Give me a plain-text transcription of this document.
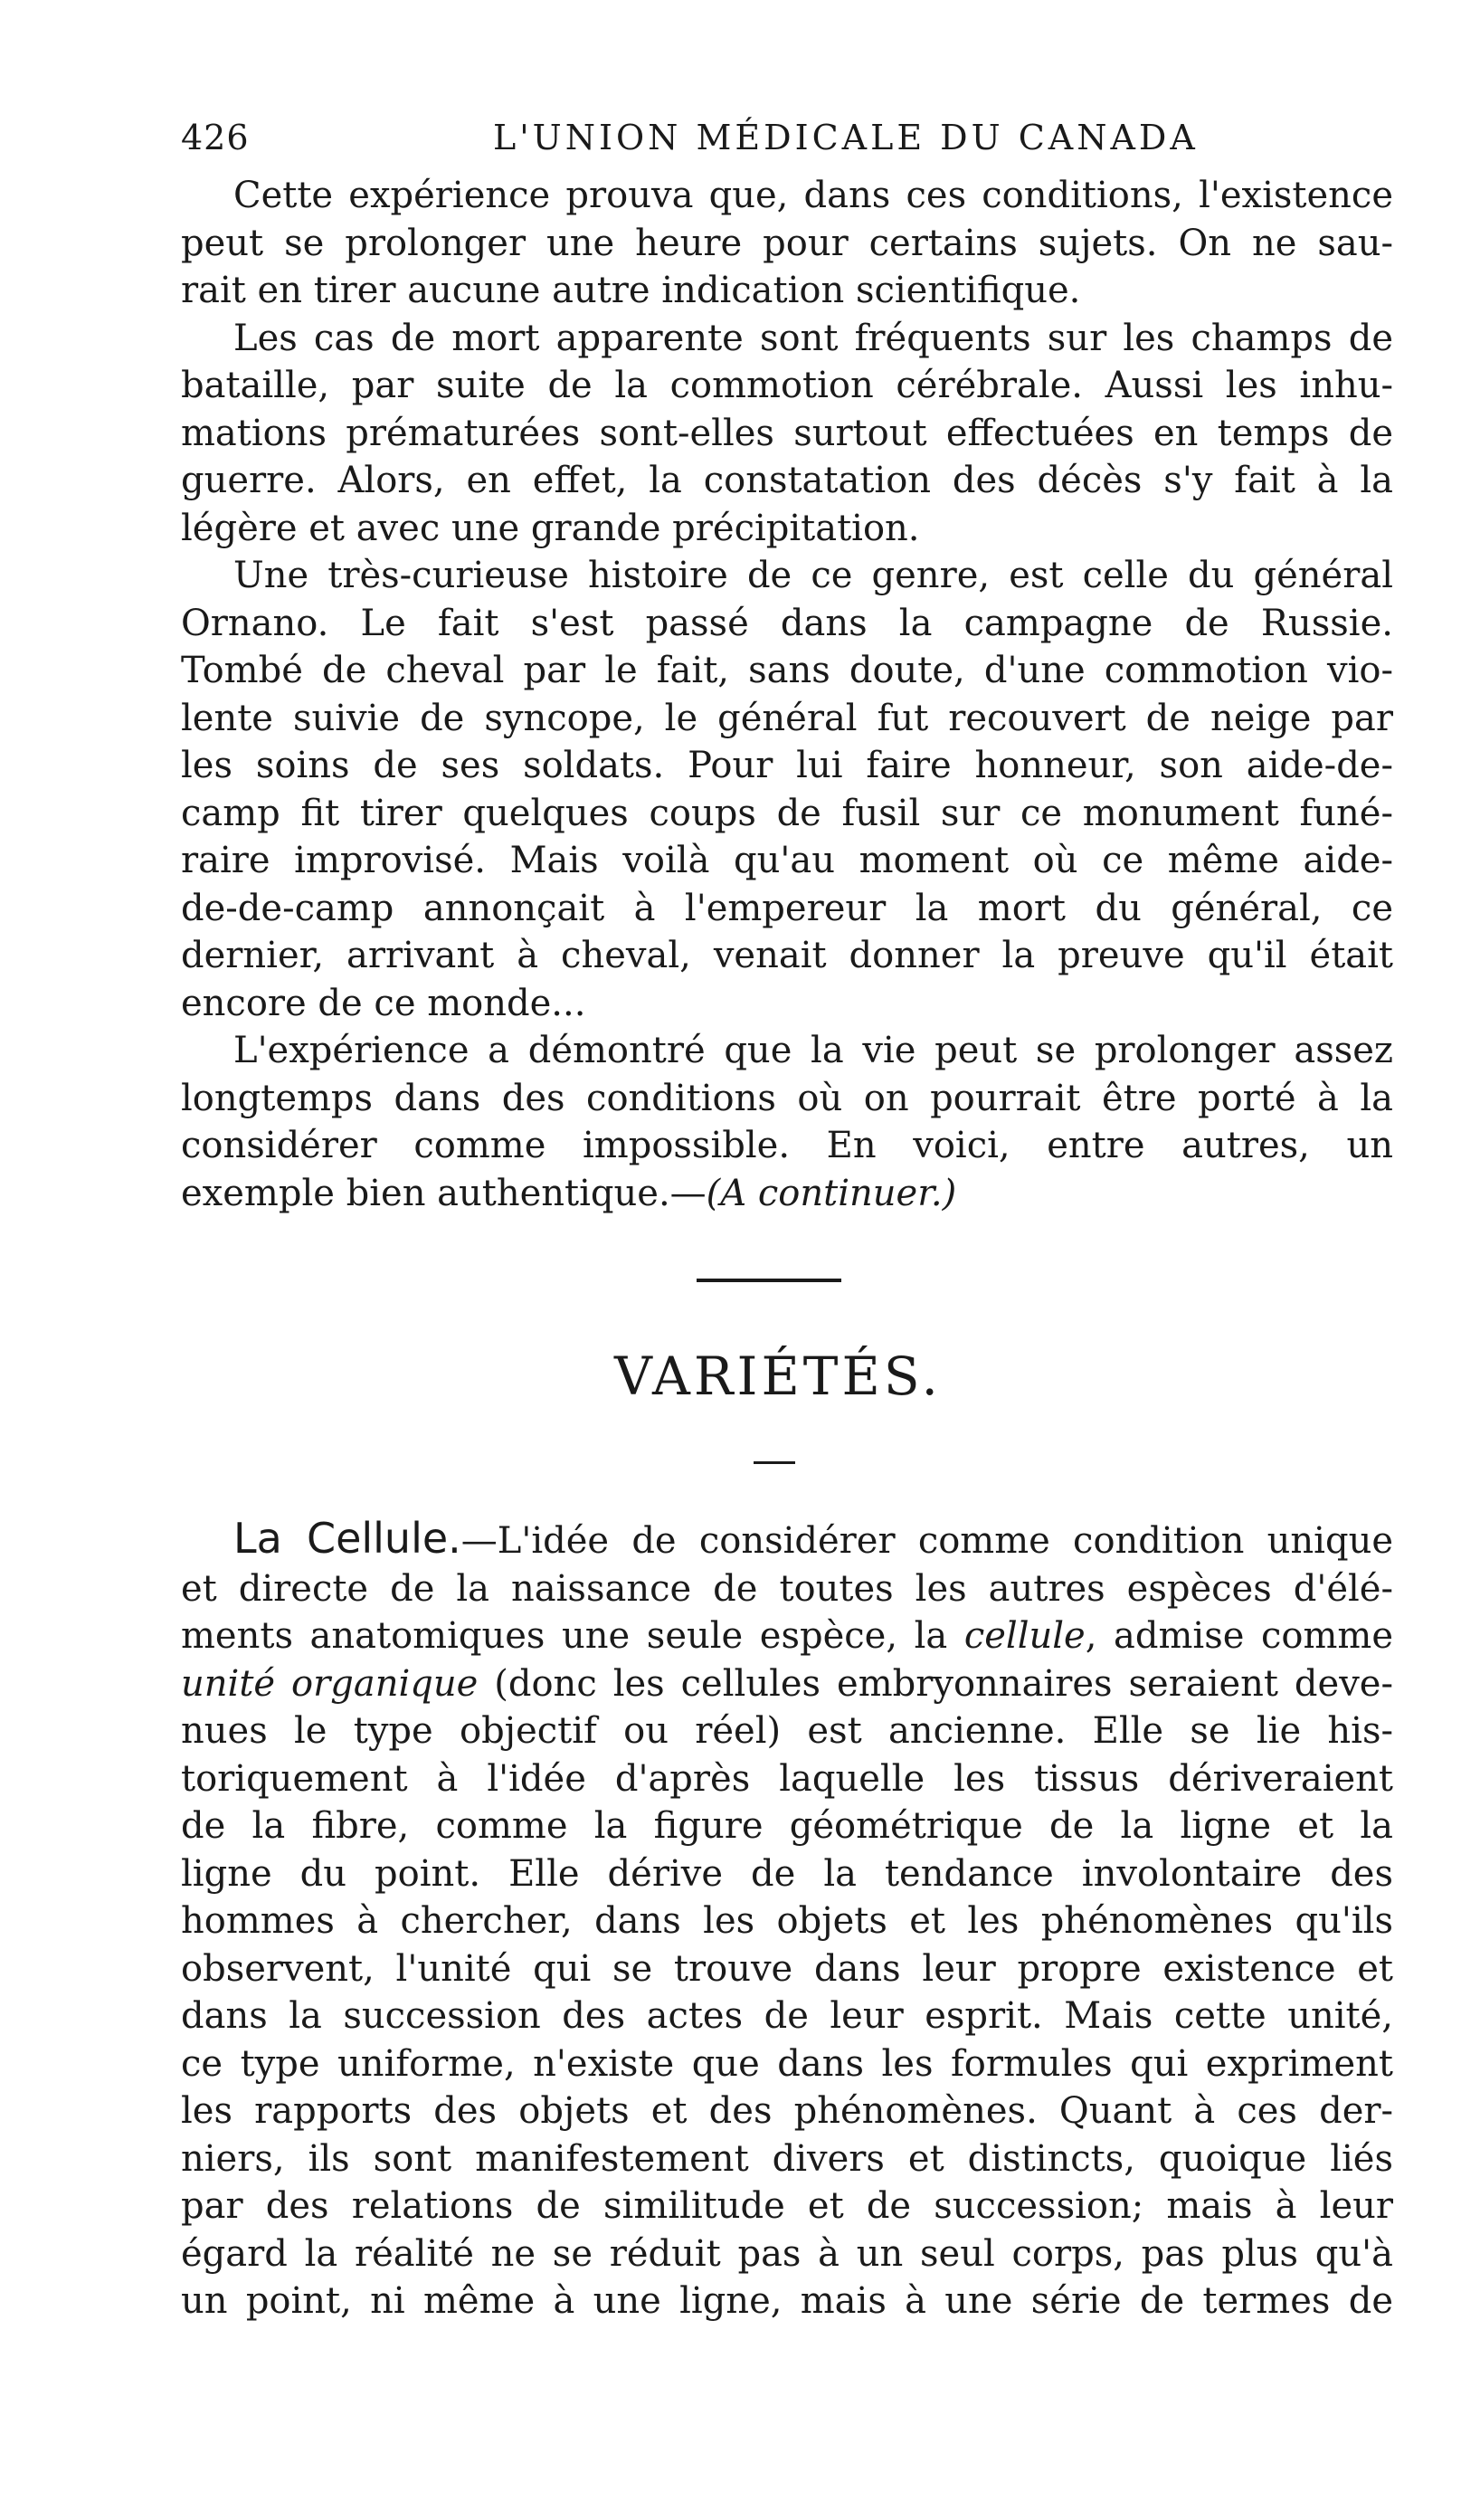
426	L'UNION MÉDICALE DU CANADA
Cette expérience prouva que, dans ces conditions, l'existence
peut se prolonger une heure pour certains sujets. On ne sau-
rait en tirer aucune autre indication scientifique.
Les cas de mort apparente sont fréquents sur les champs de
bataille, par suite de la commotion cérébrale. Aussi les inhu-
mations prématurées sont-elles surtout effectuées en temps de
guerre. Alors, en effet, la constatation des décès s'y fait à la
légère et avec une grande précipitation.
Une très-curieuse histoire de ce genre, est celle du général
Ornano. Le fait s'est passé dans la campagne de Russie.
Tombé de cheval par le fait, sans doute, d'une commotion vio-
lente suivie de syncope, le général fut recouvert de neige par
les soins de ses soldats. Pour lui faire honneur, son aide-de-
camp fit tirer quelques coups de fusil sur ce monument funé-
raire improvisé. Mais voilà qu'au moment où ce même aide-
de-de-camp annonçait à l'empereur la mort du général, ce
dernier, arrivant à cheval, venait donner la preuve qu'il était
encore de ce monde...
L'expérience a démontré que la vie peut se prolonger assez
longtemps dans des conditions où on pourrait être porté à la
considérer comme impossible. En voici, entre autres, un
exemple bien authentique.—(A continuer.)
VARIÉTÉS.
La Cellule.—L'idée de considérer comme condition unique
et directe de la naissance de toutes les autres espèces d'élé-
ments anatomiques une seule espèce, la cellule, admise comme
unité organique (donc les cellules embryonnaires seraient deve-
nues le type objectif ou réel) est ancienne. Elle se lie his-
toriquement à l'idée d'après laquelle les tissus dériveraient
de la fibre, comme la figure géométrique de la ligne et la
ligne du point. Elle dérive de la tendance involontaire des
hommes à chercher, dans les objets et les phénomènes qu'ils
observent, l'unité qui se trouve dans leur propre existence et
dans la succession des actes de leur esprit. Mais cette unité,
ce type uniforme, n'existe que dans les formules qui expriment
les rapports des objets et des phénomènes. Quant à ces der-
niers, ils sont manifestement divers et distincts, quoique liés
par des relations de similitude et de succession; mais à leur
égard la réalité ne se réduit pas à un seul corps, pas plus qu'à
un point, ni même à une ligne, mais à une série de termes de
